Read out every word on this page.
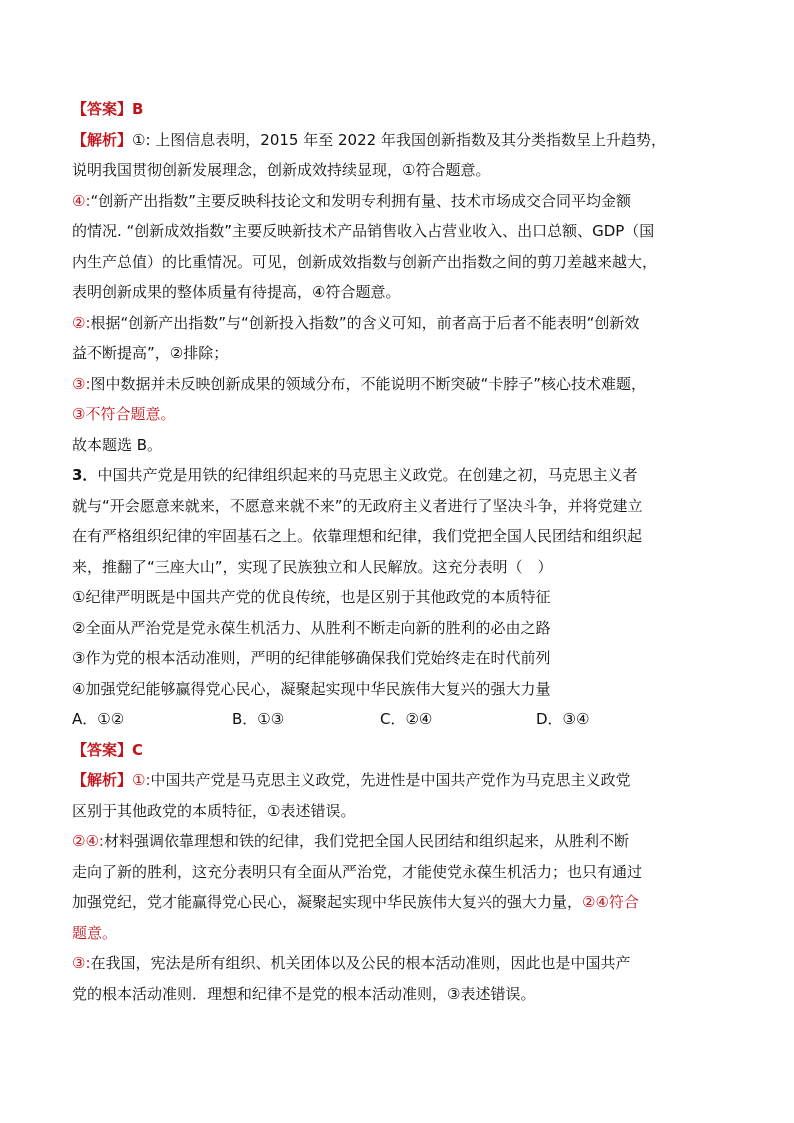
【答案】B
【解析】①: 上图信息表明，2015 年至 2022 年我国创新指数及其分类指数呈上升趋势，
说明我国贯彻创新发展理念，创新成效持续显现，①符合题意。
④:“创新产出指数”主要反映科技论文和发明专利拥有量、技术市场成交合同平均金额
的情况. “创新成效指数”主要反映新技术产品销售收入占营业收入、出口总额、GDP（国
内生产总值）的比重情况。可见，创新成效指数与创新产出指数之间的剪刀差越来越大，
表明创新成果的整体质量有待提高，④符合题意。
②:根据“创新产出指数”与“创新投入指数”的含义可知，前者高于后者不能表明“创新效
益不断提高”，②排除；
③:图中数据并未反映创新成果的领域分布，不能说明不断突破“卡脖子”核心技术难题，
③不符合题意。
故本题选 B。
3．中国共产党是用铁的纪律组织起来的马克思主义政党。在创建之初，马克思主义者
就与“开会愿意来就来，不愿意来就不来”的无政府主义者进行了坚决斗争，并将党建立
在有严格组织纪律的牢固基石之上。依靠理想和纪律，我们党把全国人民团结和组织起
来，推翻了“三座大山”，实现了民族独立和人民解放。这充分表明（　）
①纪律严明既是中国共产党的优良传统，也是区别于其他政党的本质特征
②全面从严治党是党永葆生机活力、从胜利不断走向新的胜利的必由之路
③作为党的根本活动准则，严明的纪律能够确保我们党始终走在时代前列
④加强党纪能够赢得党心民心，凝聚起实现中华民族伟大复兴的强大力量
A．①②	B．①③	C．②④	D．③④
【答案】C
【解析】①:中国共产党是马克思主义政党，先进性是中国共产党作为马克思主义政党
区别于其他政党的本质特征，①表述错误。
②④:材料强调依靠理想和铁的纪律，我们党把全国人民团结和组织起来，从胜利不断
走向了新的胜利，这充分表明只有全面从严治党，才能使党永葆生机活力；也只有通过
加强党纪，党才能赢得党心民心，凝聚起实现中华民族伟大复兴的强大力量，②④符合
题意。
③:在我国，宪法是所有组织、机关团体以及公民的根本活动准则，因此也是中国共产
党的根本活动准则．理想和纪律不是党的根本活动准则，③表述错误。
